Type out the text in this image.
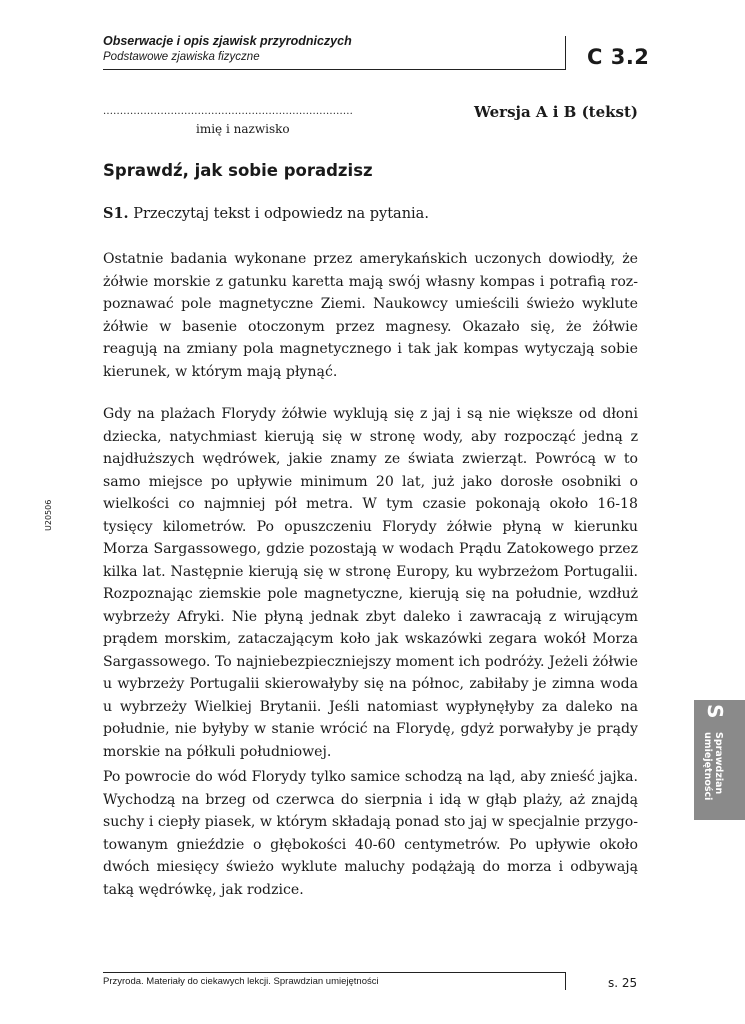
Obserwacje i opis zjawisk przyrodniczych
Podstawowe zjawiska fizyczne	C 3.2
..........................................................................
imię i nazwisko
Wersja A i B (tekst)
Sprawdź, jak sobie poradzisz
S1. Przeczytaj tekst i odpowiedz na pytania.
Ostatnie badania wykonane przez amerykańskich uczonych dowiodły, że żółwie morskie z gatunku karetta mają swój własny kompas i potrafią rozpoznawać pole magnetyczne Ziemi. Naukowcy umieścili świeżo wyklute żółwie w basenie otoczonym przez magnesy. Okazało się, że żółwie reagują na zmiany pola magnetycznego i tak jak kompas wytyczają sobie kierunek, w którym mają płynąć.
Gdy na plażach Florydy żółwie wyklują się z jaj i są nie większe od dłoni dziecka, natychmiast kierują się w stronę wody, aby rozpocząć jedną z najdłuższych wędrówek, jakie znamy ze świata zwierząt. Powrócą w to samo miejsce po upływie minimum 20 lat, już jako dorosłe osobniki o wielkości co najmniej pół metra. W tym czasie pokonają około 16-18 tysięcy kilometrów. Po opuszczeniu Florydy żółwie płyną w kierunku Morza Sargassowego, gdzie pozostają w wodach Prądu Zatokowego przez kilka lat. Następnie kierują się w stronę Europy, ku wybrzeżom Portugalii. Rozpoznając ziemskie pole magnetyczne, kierują się na południe, wzdłuż wybrzeży Afryki. Nie płyną jednak zbyt daleko i zawracają z wirującym prądem morskim, zataczającym koło jak wskazówki zegara wokół Morza Sargassowego. To najniebezpieczniejszy moment ich podróży. Jeżeli żółwie u wybrzeży Portugalii skierowałyby się na północ, zabiłaby je zimna woda u wybrzeży Wielkiej Brytanii. Jeśli natomiast wypłynęłyby za daleko na południe, nie byłyby w stanie wrócić na Florydę, gdyż porwałyby je prądy morskie na półkuli południowej.
Po powrocie do wód Florydy tylko samice schodzą na ląd, aby znieść jajka. Wychodzą na brzeg od czerwca do sierpnia i idą w głąb plaży, aż znajdą suchy i ciepły piasek, w którym składają ponad sto jaj w specjalnie przygotowanym gnieździe o głębokości 40-60 centymetrów. Po upływie około dwóch miesięcy świeżo wyklute maluchy podążają do morza i odbywają taką wędrówkę, jak rodzice.
U20506
S
Sprawdzian
umiejętności
Przyroda. Materiały do ciekawych lekcji. Sprawdzian umiejętności	s. 25
